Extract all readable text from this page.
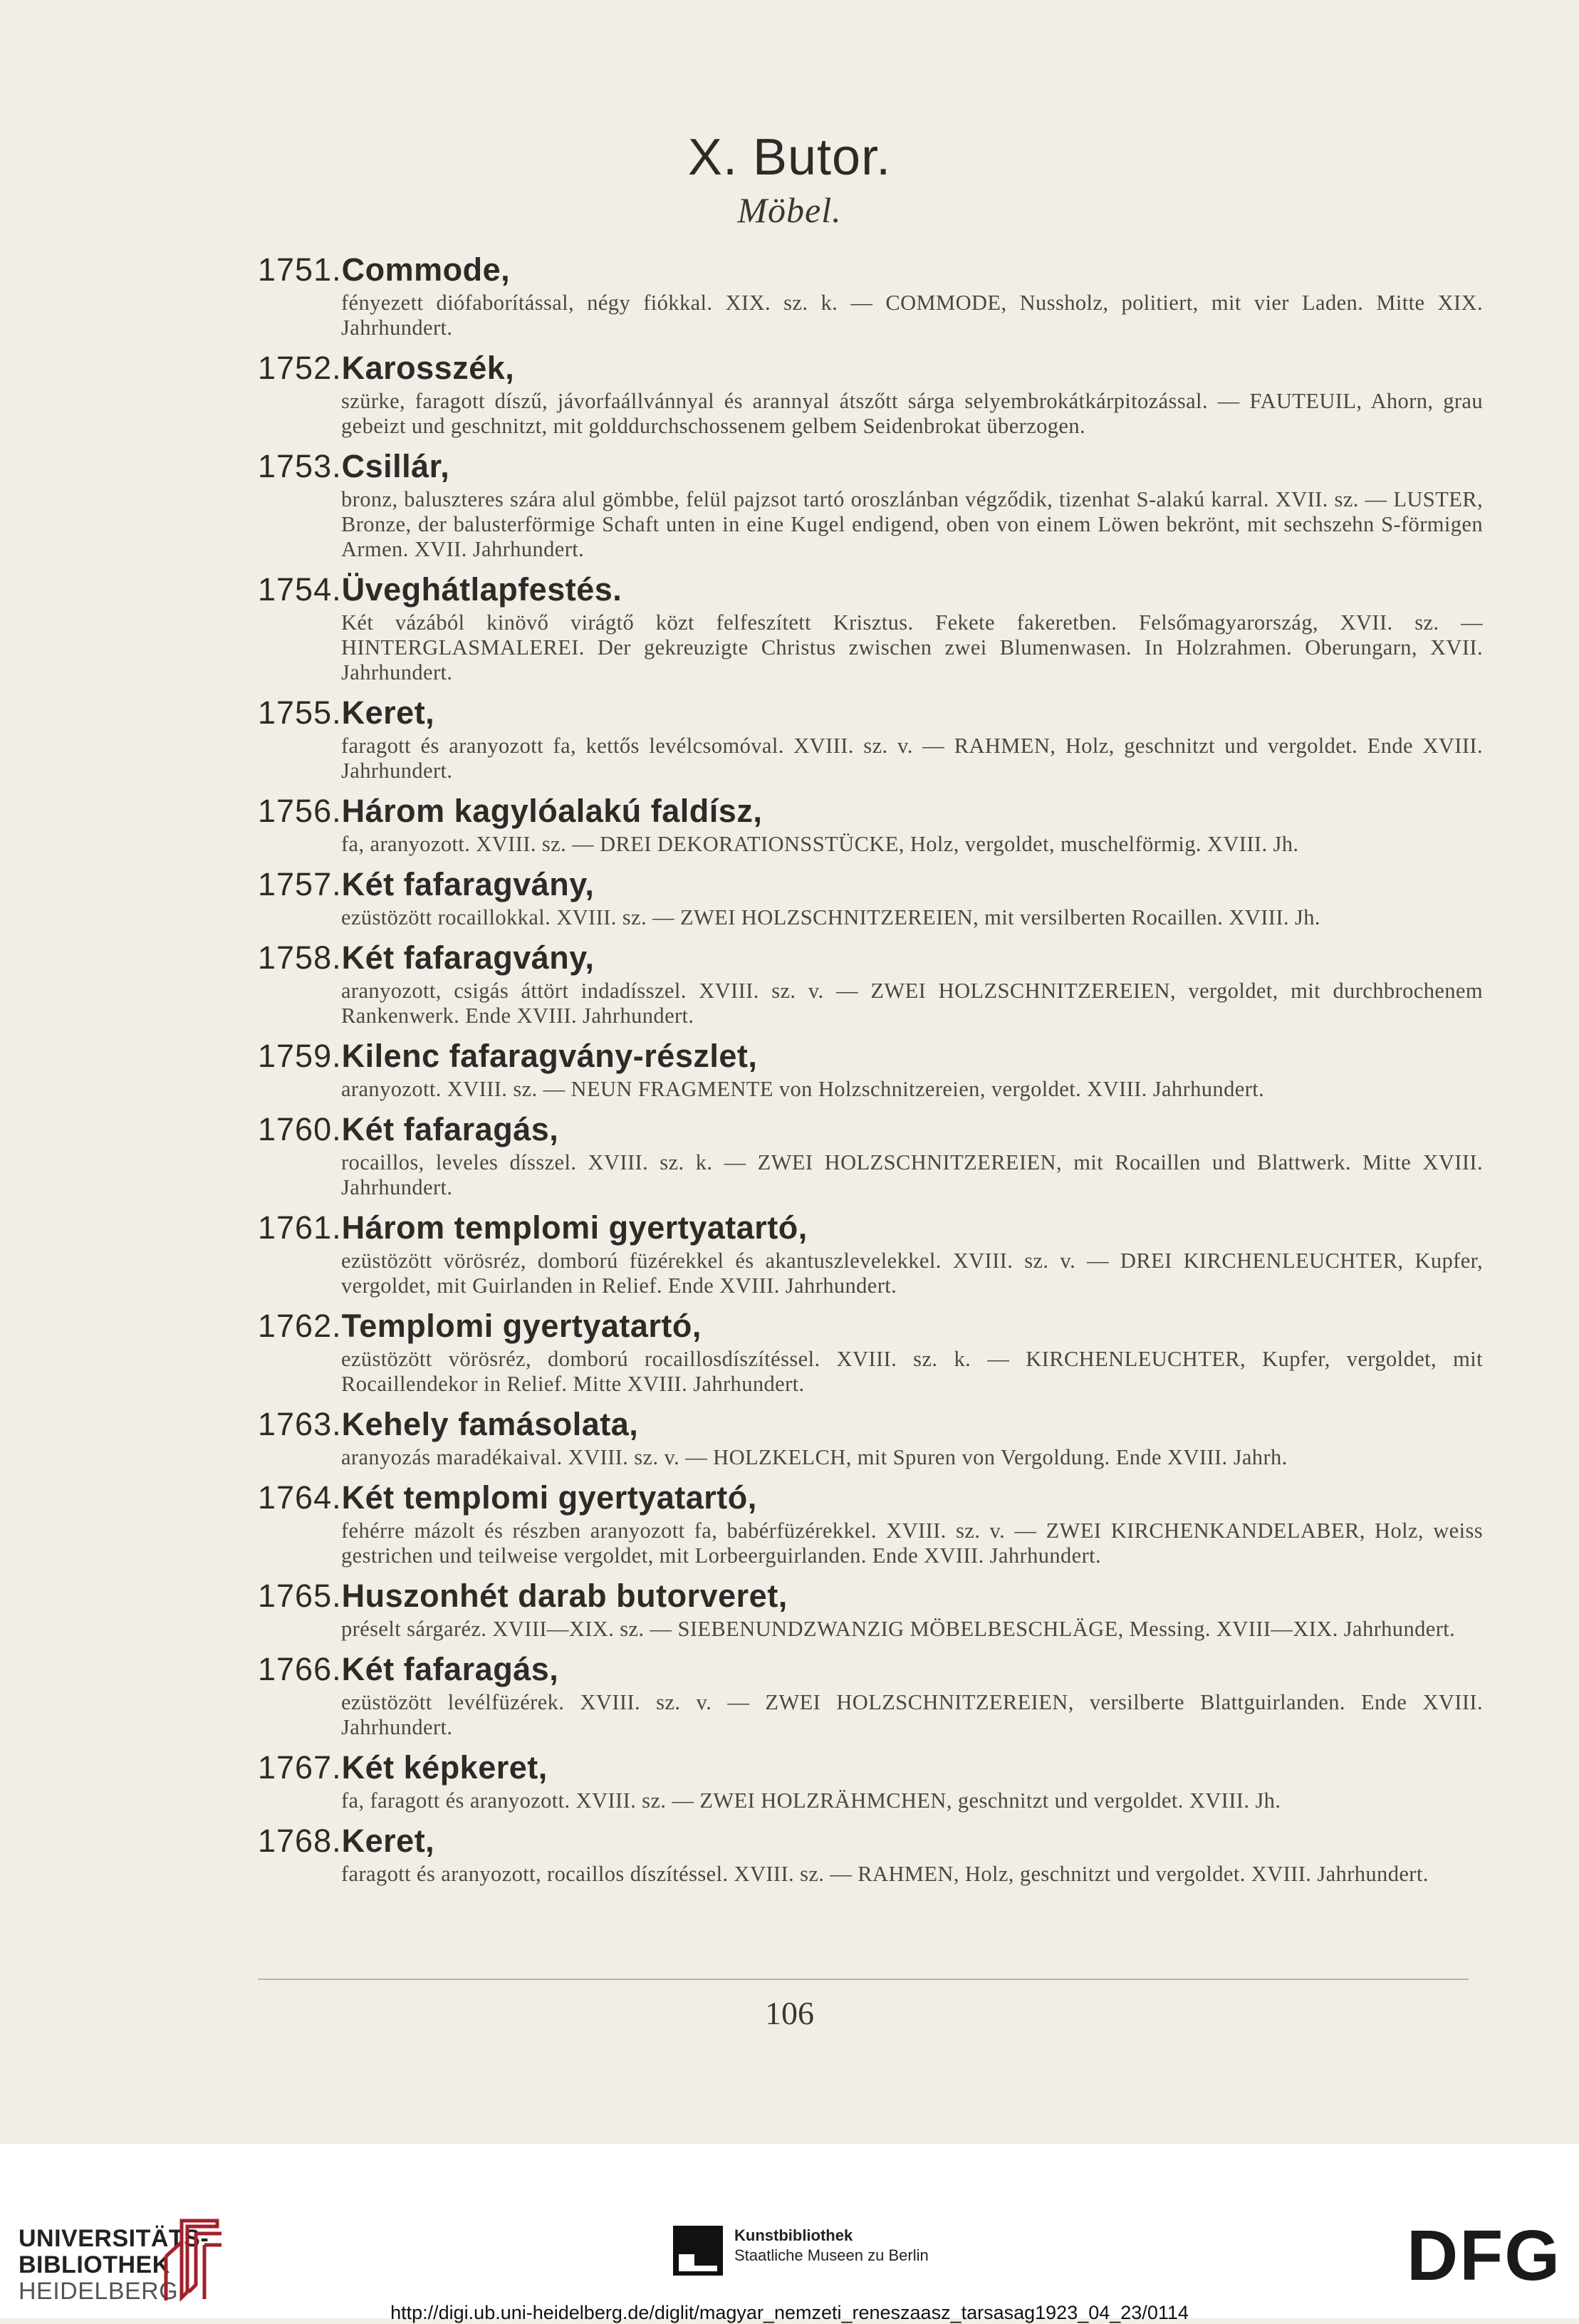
X. Butor.
Möbel.
1751.Commode,
fényezett diófaborítással, négy fiókkal. XIX. sz. k. — COMMODE, Nussholz, politiert, mit vier Laden. Mitte XIX. Jahrhundert.
1752.Karosszék,
szürke, faragott díszű, jávorfaállvánnyal és arannyal átszőtt sárga selyembrokátkárpitozással. — FAUTEUIL, Ahorn, grau gebeizt und geschnitzt, mit golddurchschossenem gelbem Seidenbrokat überzogen.
1753.Csillár,
bronz, baluszteres szára alul gömbbe, felül pajzsot tartó oroszlánban végződik, tizenhat S-alakú karral. XVII. sz. — LUSTER, Bronze, der balusterförmige Schaft unten in eine Kugel endigend, oben von einem Löwen bekrönt, mit sechszehn S-förmigen Armen. XVII. Jahrhundert.
1754.Üveghátlapfestés.
Két vázából kinövő virágtő közt felfeszített Krisztus. Fekete fakeretben. Felsőmagyarország, XVII. sz. — HINTERGLASMALEREI. Der gekreuzigte Christus zwischen zwei Blumenwasen. In Holzrahmen. Oberungarn, XVII. Jahrhundert.
1755.Keret,
faragott és aranyozott fa, kettős levélcsomóval. XVIII. sz. v. — RAHMEN, Holz, geschnitzt und vergoldet. Ende XVIII. Jahrhundert.
1756.Három kagylóalakú faldísz,
fa, aranyozott. XVIII. sz. — DREI DEKORATIONSSTÜCKE, Holz, vergoldet, muschelförmig. XVIII. Jh.
1757.Két fafaragvány,
ezüstözött rocaillokkal. XVIII. sz. — ZWEI HOLZSCHNITZEREIEN, mit versilberten Rocaillen. XVIII. Jh.
1758.Két fafaragvány,
aranyozott, csigás áttört indadísszel. XVIII. sz. v. — ZWEI HOLZSCHNITZEREIEN, vergoldet, mit durchbrochenem Rankenwerk. Ende XVIII. Jahrhundert.
1759.Kilenc fafaragvány-részlet,
aranyozott. XVIII. sz. — NEUN FRAGMENTE von Holzschnitzereien, vergoldet. XVIII. Jahrhundert.
1760.Két fafaragás,
rocaillos, leveles dísszel. XVIII. sz. k. — ZWEI HOLZSCHNITZEREIEN, mit Rocaillen und Blattwerk. Mitte XVIII. Jahrhundert.
1761.Három templomi gyertyatartó,
ezüstözött vörösréz, domború füzérekkel és akantuszlevelekkel. XVIII. sz. v. — DREI KIRCHENLEUCHTER, Kupfer, vergoldet, mit Guirlanden in Relief. Ende XVIII. Jahrhundert.
1762.Templomi gyertyatartó,
ezüstözött vörösréz, domború rocaillosdíszítéssel. XVIII. sz. k. — KIRCHENLEUCHTER, Kupfer, vergoldet, mit Rocaillendekor in Relief. Mitte XVIII. Jahrhundert.
1763.Kehely famásolata,
aranyozás maradékaival. XVIII. sz. v. — HOLZKELCH, mit Spuren von Vergoldung. Ende XVIII. Jahrh.
1764.Két templomi gyertyatartó,
fehérre mázolt és részben aranyozott fa, babérfüzérekkel. XVIII. sz. v. — ZWEI KIRCHENKANDELABER, Holz, weiss gestrichen und teilweise vergoldet, mit Lorbeerguirlanden. Ende XVIII. Jahrhundert.
1765.Huszonhét darab butorveret,
préselt sárgaréz. XVIII—XIX. sz. — SIEBENUNDZWANZIG MÖBELBESCHLÄGE, Messing. XVIII—XIX. Jahrhundert.
1766.Két fafaragás,
ezüstözött levélfüzérek. XVIII. sz. v. — ZWEI HOLZSCHNITZEREIEN, versilberte Blattguirlanden. Ende XVIII. Jahrhundert.
1767.Két képkeret,
fa, faragott és aranyozott. XVIII. sz. — ZWEI HOLZRÄHMCHEN, geschnitzt und vergoldet. XVIII. Jh.
1768.Keret,
faragott és aranyozott, rocaillos díszítéssel. XVIII. sz. — RAHMEN, Holz, geschnitzt und vergoldet. XVIII. Jahrhundert.
106
UNIVERSITÄTS-
BIBLIOTHEK
HEIDELBERG
Kunstbibliothek
Staatliche Museen zu Berlin	DFG
http://digi.ub.uni-heidelberg.de/diglit/magyar_nemzeti_reneszaasz_tarsasag1923_04_23/0114
